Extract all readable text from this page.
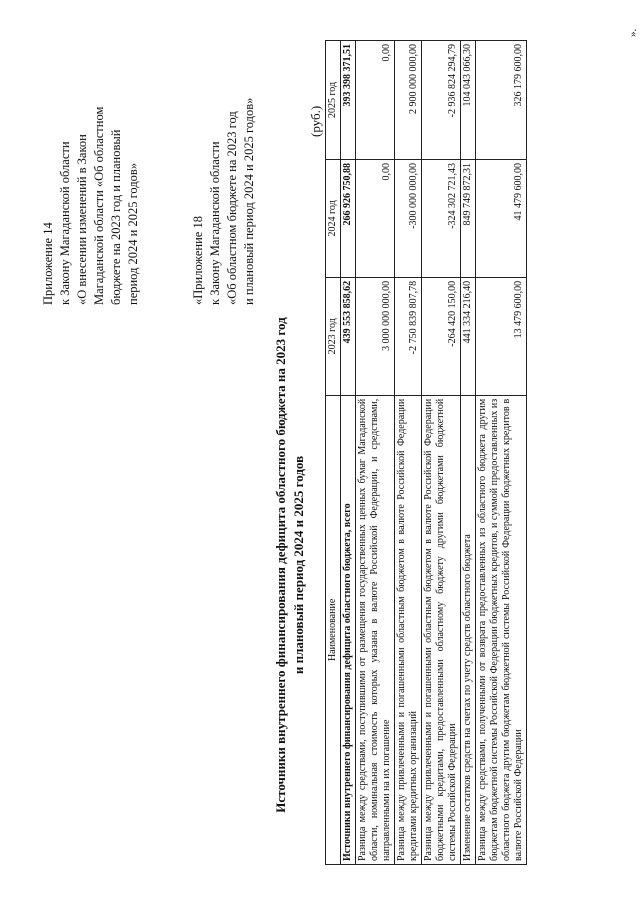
Приложение 14 к Закону Магаданской области «О внесении изменений в Закон Магаданской области «Об областном бюджете на 2023 год и плановый период 2024 и 2025 годов»	«Приложение 18 к Закону Магаданской области «Об областном бюджете на 2023 год и плановый период 2024 и 2025 годов»

Источники внутреннего финансирования дефицита областного бюджета на 2023 год и плановый период 2024 и 2025 годов
(руб.)
Наименование	2023 год	2024 год	2025 год
Источники внутреннего финансирования дефицита областного бюджета, всего	439 553 858,62	266 926 750,88	393 398 371,51
Разница между средствами, поступившими от размещения государственных ценных бумаг Магаданской области, номинальная стоимость которых указана в валюте Российской Федерации, и средствами, направленными на их погашение	3 000 000 000,00	0,00	0,00
Разница между привлеченными и погашенными областным бюджетом в валюте Российской Федерации кредитами кредитных организаций	-2 750 839 807,78	-300 000 000,00	2 900 000 000,00
Разница между привлеченными и погашенными областным бюджетом в валюте Российской Федерации бюджетными кредитами, предоставленными областному бюджету другими бюджетами бюджетной системы Российской Федерации	-264 420 150,00	-324 302 721,43	-2 936 824 294,79
Изменение остатков средств на счетах по учету средств областного бюджета	441 334 216,40	849 749 872,31	104 043 066,30
Разница между средствами, полученными от возврата предоставленных из областного бюджета другим бюджетам бюджетной системы Российской Федерации бюджетных кредитов, и суммой предоставленных из областного бюджета другим бюджетам бюджетной системы Российской Федерации бюджетных кредитов в валюте Российской Федерации	13 479 600,00	41 479 600,00	326 179 600,00
».
